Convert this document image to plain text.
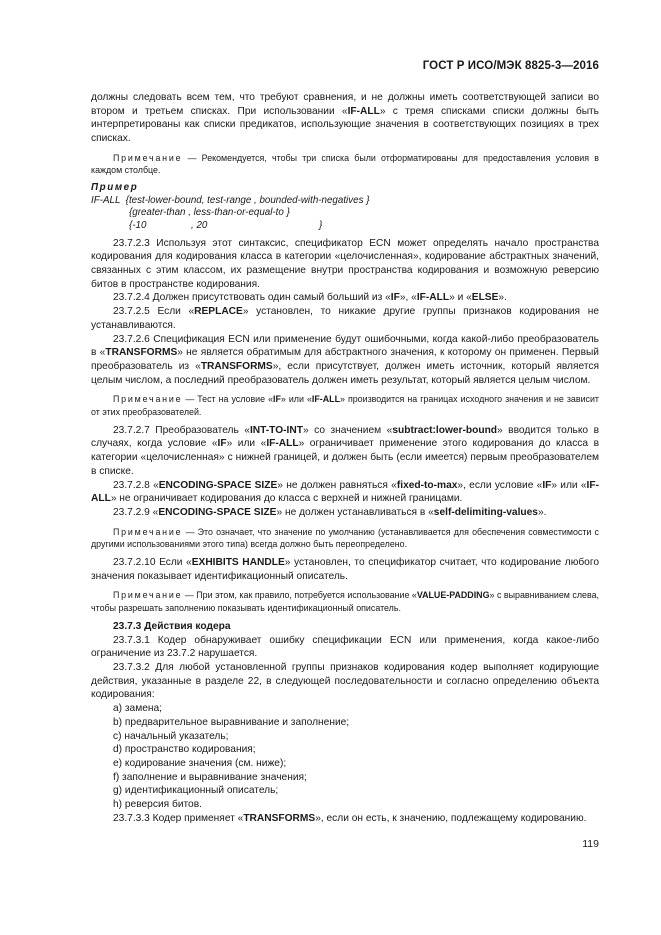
ГОСТ Р ИСО/МЭК 8825-3—2016

должны следовать всем тем, что требуют сравнения, и не должны иметь соответствующей записи во втором и третьем списках. При использовании «IF-ALL» с тремя списками списки должны быть интерпретированы как списки предикатов, использующие значения в соответствующих позициях в трех списках.

Примечание — Рекомендуется, чтобы три списка были отформатированы для предоставления условия в каждом столбце.

Пример
IF-ALL  {test-lower-bound, test-range , bounded-with-negatives }
{greater-than , less-than-or-equal-to }
{-10	, 20	}

23.7.2.3 Используя этот синтаксис, спецификатор ECN может определять начало пространства кодирования для кодирования класса в категории «целочисленная», кодирование абстрактных значений, связанных с этим классом, их размещение внутри пространства кодирования и возможную реверсию битов в пространстве кодирования.

23.7.2.4 Должен присутствовать один самый больший из «IF», «IF-ALL» и «ELSE».

23.7.2.5 Если «REPLACE» установлен, то никакие другие группы признаков кодирования не устанавливаются.

23.7.2.6 Спецификация ECN или применение будут ошибочными, когда какой-либо преобразователь в «TRANSFORMS» не является обратимым для абстрактного значения, к которому он применен. Первый преобразователь из «TRANSFORMS», если присутствует, должен иметь источник, который является целым числом, а последний преобразователь должен иметь результат, который является целым числом.

Примечание — Тест на условие «IF» или «IF-ALL» производится на границах исходного значения и не зависит от этих преобразователей.

23.7.2.7 Преобразователь «INT-TO-INT» со значением «subtract:lower-bound» вводится только в случаях, когда условие «IF» или «IF-ALL» ограничивает применение этого кодирования до класса в категории «целочисленная» с нижней границей, и должен быть (если имеется) первым преобразователем в списке.

23.7.2.8 «ENCODING-SPACE SIZE» не должен равняться «fixed-to-max», если условие «IF» или «IF-ALL» не ограничивает кодирования до класса с верхней и нижней границами.

23.7.2.9 «ENCODING-SPACE SIZE» не должен устанавливаться в «self-delimiting-values».

Примечание — Это означает, что значение по умолчанию (устанавливается для обеспечения совместимости с другими использованиями этого типа) всегда должно быть переопределено.

23.7.2.10 Если «EXHIBITS HANDLE» установлен, то спецификатор считает, что кодирование любого значения показывает идентификационный описатель.

Примечание — При этом, как правило, потребуется использование «VALUE-PADDING» с выравниванием слева, чтобы разрешать заполнению показывать идентификационный описатель.

23.7.3 Действия кодера

23.7.3.1 Кодер обнаруживает ошибку спецификации ECN или применения, когда какое-либо ограничение из 23.7.2 нарушается.

23.7.3.2 Для любой установленной группы признаков кодирования кодер выполняет кодирующие действия, указанные в разделе 22, в следующей последовательности и согласно определению объекта кодирования:

a) замена;
b) предварительное выравнивание и заполнение;
c) начальный указатель;
d) пространство кодирования;
e) кодирование значения (см. ниже);
f) заполнение и выравнивание значения;
g) идентификационный описатель;
h) реверсия битов.

23.7.3.3 Кодер применяет «TRANSFORMS», если он есть, к значению, подлежащему кодированию.

119
